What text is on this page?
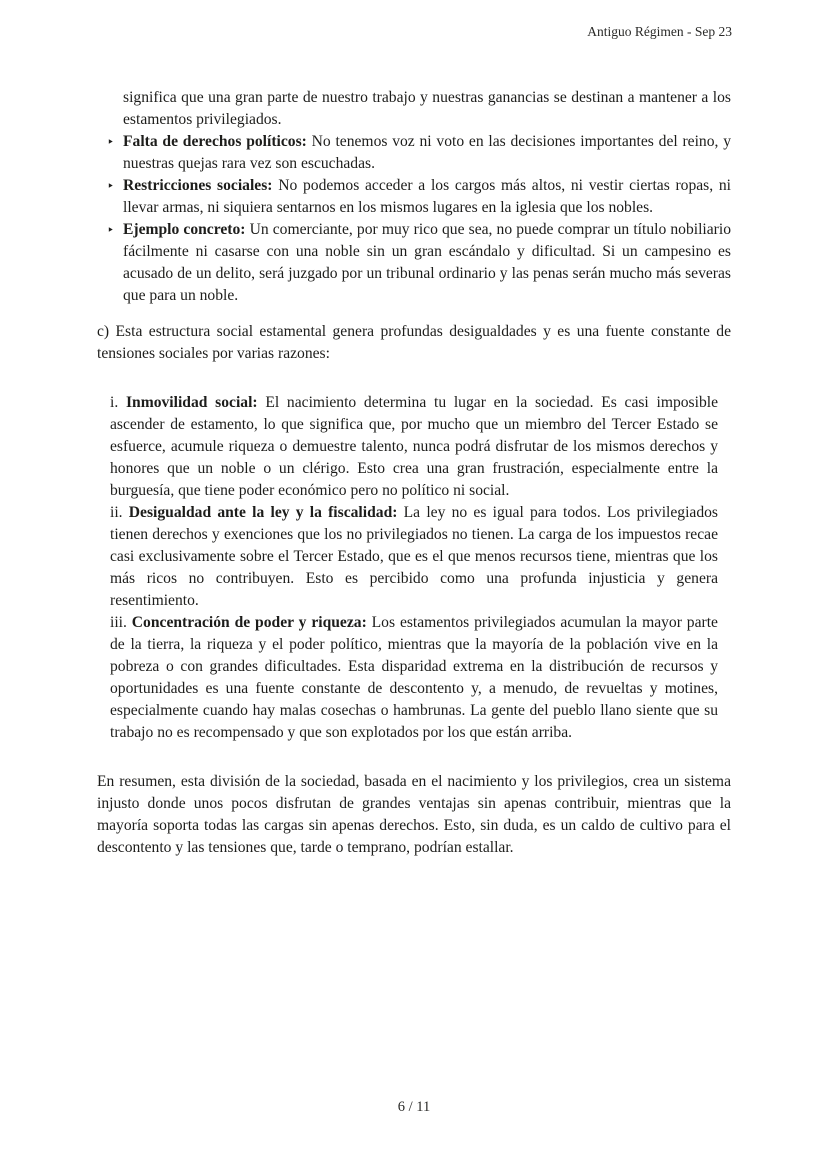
Antiguo Régimen - Sep 23

significa que una gran parte de nuestro trabajo y nuestras ganancias se destinan a mantener a los estamentos privilegiados.

‣ Falta de derechos políticos: No tenemos voz ni voto en las decisiones importantes del reino, y nuestras quejas rara vez son escuchadas.
‣ Restricciones sociales: No podemos acceder a los cargos más altos, ni vestir ciertas ropas, ni llevar armas, ni siquiera sentarnos en los mismos lugares en la iglesia que los nobles.
‣ Ejemplo concreto: Un comerciante, por muy rico que sea, no puede comprar un título nobiliario fácilmente ni casarse con una noble sin un gran escándalo y dificultad. Si un campesino es acusado de un delito, será juzgado por un tribunal ordinario y las penas serán mucho más severas que para un noble.

c) Esta estructura social estamental genera profundas desigualdades y es una fuente constante de tensiones sociales por varias razones:

i. Inmovilidad social: El nacimiento determina tu lugar en la sociedad. Es casi imposible ascender de estamento, lo que significa que, por mucho que un miembro del Tercer Estado se esfuerce, acumule riqueza o demuestre talento, nunca podrá disfrutar de los mismos derechos y honores que un noble o un clérigo. Esto crea una gran frustración, especialmente entre la burguesía, que tiene poder económico pero no político ni social.

ii. Desigualdad ante la ley y la fiscalidad: La ley no es igual para todos. Los privilegiados tienen derechos y exenciones que los no privilegiados no tienen. La carga de los impuestos recae casi exclusivamente sobre el Tercer Estado, que es el que menos recursos tiene, mientras que los más ricos no contribuyen. Esto es percibido como una profunda injusticia y genera resentimiento.

iii. Concentración de poder y riqueza: Los estamentos privilegiados acumulan la mayor parte de la tierra, la riqueza y el poder político, mientras que la mayoría de la población vive en la pobreza o con grandes dificultades. Esta disparidad extrema en la distribución de recursos y oportunidades es una fuente constante de descontento y, a menudo, de revueltas y motines, especialmente cuando hay malas cosechas o hambrunas. La gente del pueblo llano siente que su trabajo no es recompensado y que son explotados por los que están arriba.

En resumen, esta división de la sociedad, basada en el nacimiento y los privilegios, crea un sistema injusto donde unos pocos disfrutan de grandes ventajas sin apenas contribuir, mientras que la mayoría soporta todas las cargas sin apenas derechos. Esto, sin duda, es un caldo de cultivo para el descontento y las tensiones que, tarde o temprano, podrían estallar.

6 / 11
